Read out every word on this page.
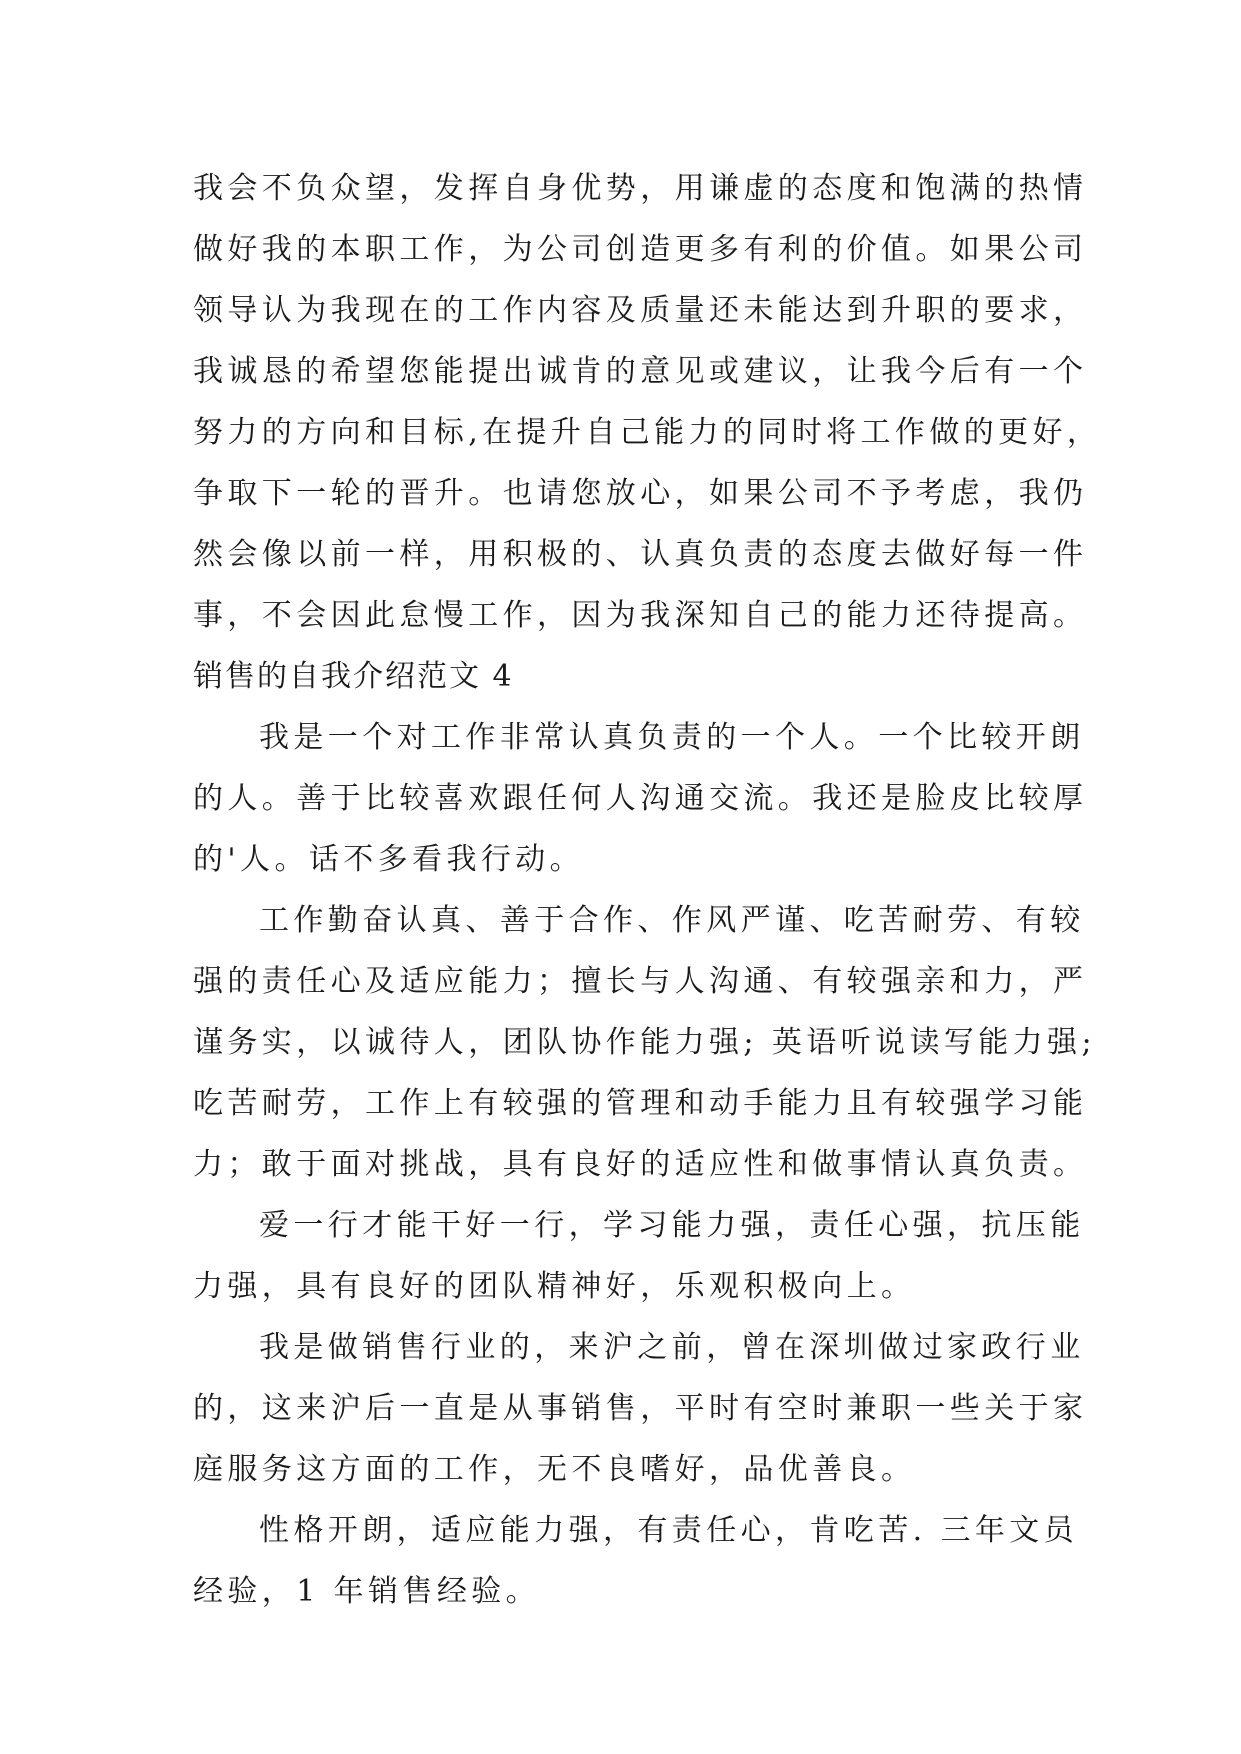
我会不负众望，发挥自身优势，用谦虚的态度和饱满的热情
做好我的本职工作，为公司创造更多有利的价值。如果公司
领导认为我现在的工作内容及质量还未能达到升职的要求，
我诚恳的希望您能提出诚肯的意见或建议，让我今后有一个
努力的方向和目标,在提升自己能力的同时将工作做的更好，
争取下一轮的晋升。也请您放心，如果公司不予考虑，我仍
然会像以前一样，用积极的、认真负责的态度去做好每一件
事，不会因此怠慢工作，因为我深知自己的能力还待提高。
销售的自我介绍范文 4
我是一个对工作非常认真负责的一个人。一个比较开朗
的人。善于比较喜欢跟任何人沟通交流。我还是脸皮比较厚
的'人。话不多看我行动。
工作勤奋认真、善于合作、作风严谨、吃苦耐劳、有较
强的责任心及适应能力；擅长与人沟通、有较强亲和力，严
谨务实，以诚待人，团队协作能力强; 英语听说读写能力强;
吃苦耐劳，工作上有较强的管理和动手能力且有较强学习能
力；敢于面对挑战，具有良好的适应性和做事情认真负责。
爱一行才能干好一行，学习能力强，责任心强，抗压能
力强，具有良好的团队精神好，乐观积极向上。
我是做销售行业的，来沪之前，曾在深圳做过家政行业
的，这来沪后一直是从事销售，平时有空时兼职一些关于家
庭服务这方面的工作，无不良嗜好，品优善良。
性格开朗，适应能力强，有责任心，肯吃苦. 三年文员
经验，1 年销售经验。
